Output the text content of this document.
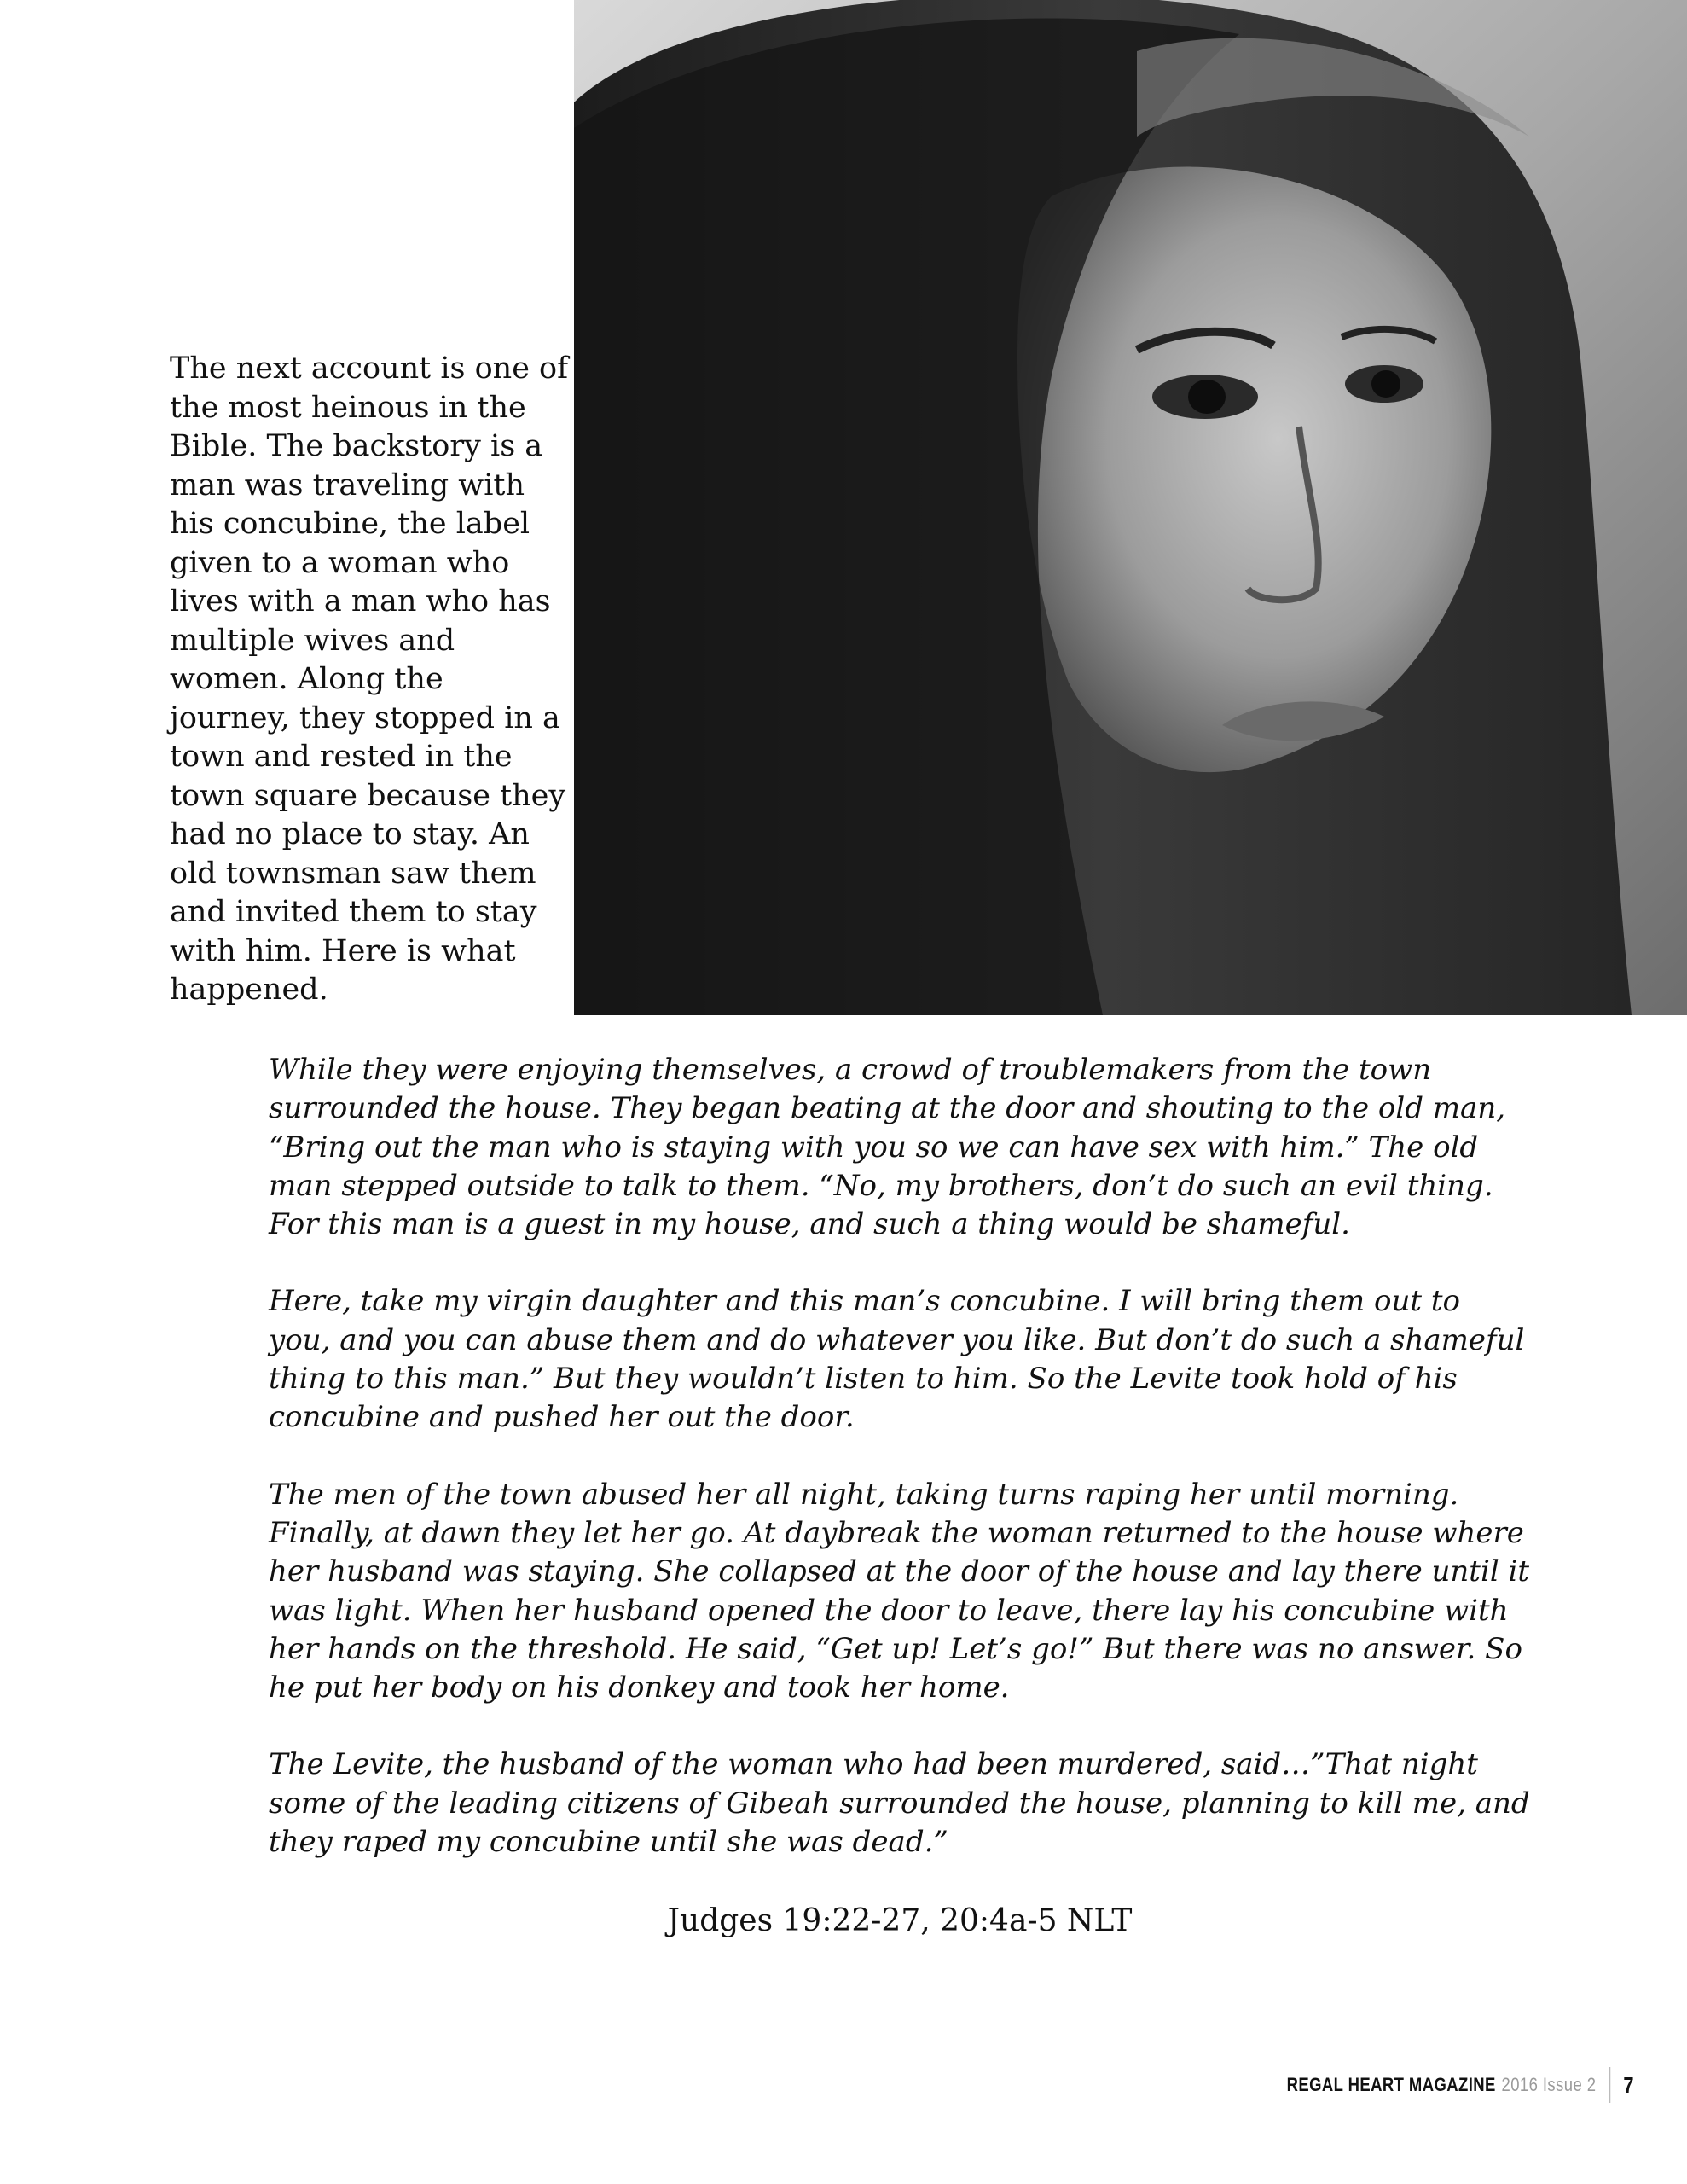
The next account is one of the most heinous in the Bible. The backstory is a man was traveling with his concubine, the label given to a woman who lives with a man who has multiple wives and women. Along the journey, they stopped in a town and rested in the town square because they had no place to stay. An old townsman saw them and invited them to stay with him. Here is what happened.

While they were enjoying themselves, a crowd of troublemakers from the town surrounded the house. They began beating at the door and shouting to the old man, “Bring out the man who is staying with you so we can have sex with him.” The old man stepped outside to talk to them. “No, my brothers, don’t do such an evil thing. For this man is a guest in my house, and such a thing would be shameful.

Here, take my virgin daughter and this man’s concubine. I will bring them out to you, and you can abuse them and do whatever you like. But don’t do such a shameful thing to this man.” But they wouldn’t listen to him. So the Levite took hold of his concubine and pushed her out the door.

The men of the town abused her all night, taking turns raping her until morning. Finally, at dawn they let her go. At daybreak the woman returned to the house where her husband was staying. She collapsed at the door of the house and lay there until it was light. When her husband opened the door to leave, there lay his concubine with her hands on the threshold. He said, “Get up! Let’s go!” But there was no answer. So he put her body on his donkey and took her home.

The Levite, the husband of the woman who had been murdered, said…”That night some of the leading citizens of Gibeah surrounded the house, planning to kill me, and they raped my concubine until she was dead.”

Judges 19:22-27, 20:4a-5 NLT
REGAL HEART MAGAZINE 2016 Issue 2 7
